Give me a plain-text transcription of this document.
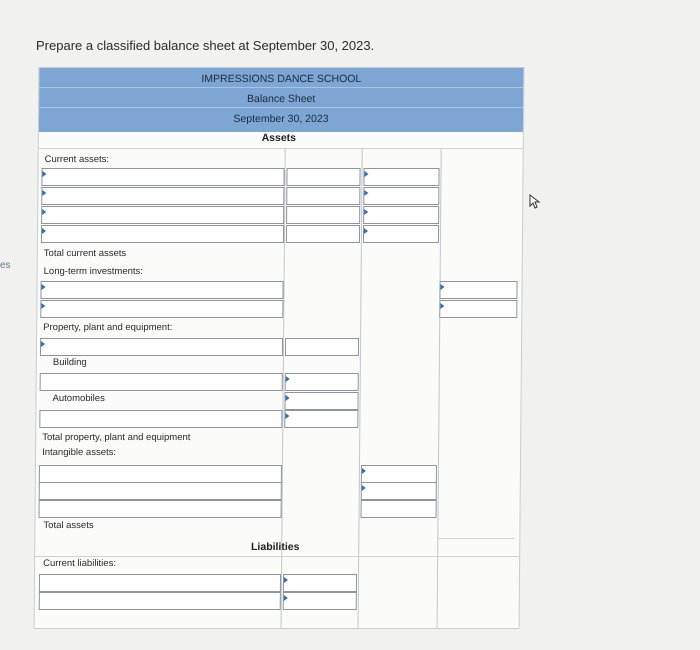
es
Prepare a classified balance sheet at September 30, 2023.
IMPRESSIONS DANCE SCHOOL
Balance Sheet
September 30, 2023
Assets
Current assets:
Total current assets
Long-term investments:
Property, plant and equipment:
Building
Automobiles
Total property, plant and equipment
Intangible assets:
Total assets
Liabilities
Current liabilities:
